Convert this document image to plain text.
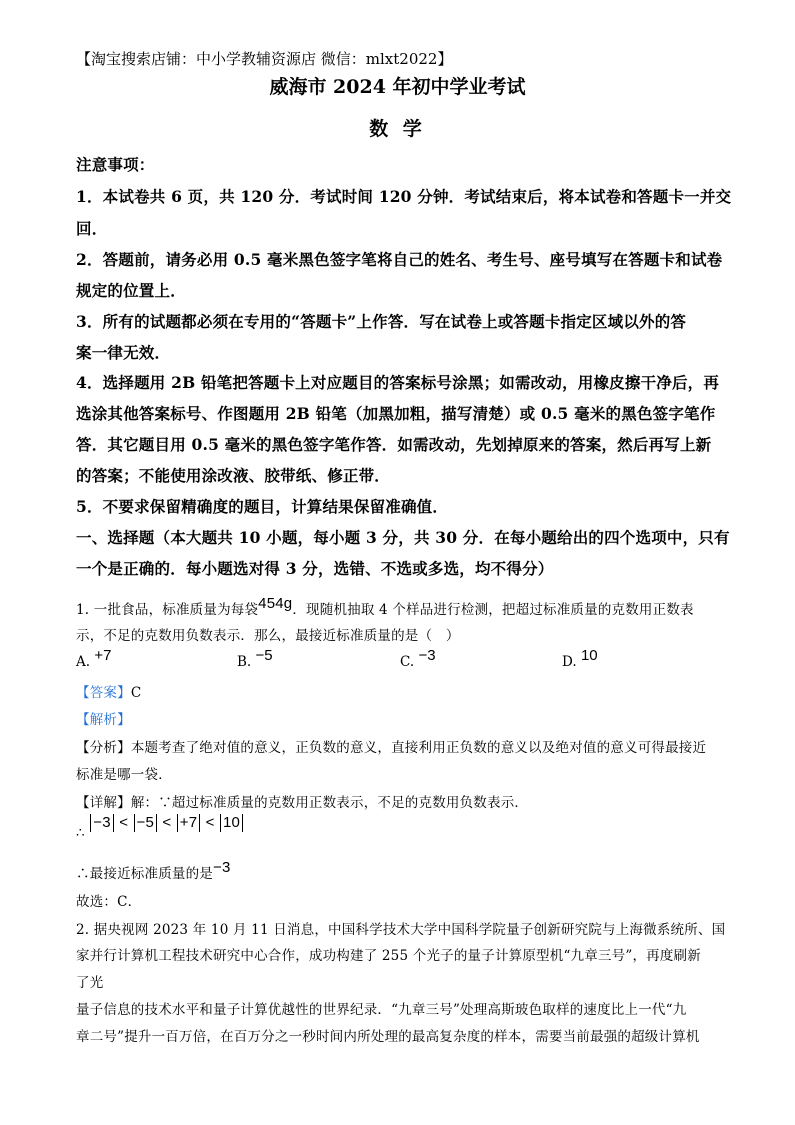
【淘宝搜索店铺：中小学教辅资源店 微信：mlxt2022】
威海市 2024 年初中学业考试
数 学
注意事项：
1．本试卷共 6 页，共 120 分．考试时间 120 分钟．考试结束后，将本试卷和答题卡一并交
回．
2．答题前，请务必用 0.5 毫米黑色签字笔将自己的姓名、考生号、座号填写在答题卡和试卷
规定的位置上．
3．所有的试题都必须在专用的“答题卡”上作答．写在试卷上或答题卡指定区域以外的答
案一律无效．
4．选择题用 2B 铅笔把答题卡上对应题目的答案标号涂黑；如需改动，用橡皮擦干净后，再
选涂其他答案标号、作图题用 2B 铅笔（加黑加粗，描写清楚）或 0.5 毫米的黑色签字笔作
答．其它题目用 0.5 毫米的黑色签字笔作答．如需改动，先划掉原来的答案，然后再写上新
的答案；不能使用涂改液、胶带纸、修正带．
5．不要求保留精确度的题目，计算结果保留准确值．
一、选择题（本大题共 10 小题，每小题 3 分，共 30 分．在每小题给出的四个选项中，只有
一个是正确的．每小题选对得 3 分，选错、不选或多选，均不得分）
1. 一批食品，标准质量为每袋454g．现随机抽取 4 个样品进行检测，把超过标准质量的克数用正数表
示，不足的克数用负数表示．那么，最接近标准质量的是（　）
A. +7	B. −5	C. −3	D. 10
【答案】C
【解析】
【分析】本题考查了绝对值的意义，正负数的意义，直接利用正负数的意义以及绝对值的意义可得最接近
标准是哪一袋．
【详解】解：∵超过标准质量的克数用正数表示，不足的克数用负数表示．
∴ −3 < −5 < +7 < 10
∴最接近标准质量的是−3
故选：C．
2. 据央视网 2023 年 10 月 11 日消息，中国科学技术大学中国科学院量子创新研究院与上海微系统所、国
家并行计算机工程技术研究中心合作，成功构建了 255 个光子的量子计算原型机“九章三号”，再度刷新
了光
量子信息的技术水平和量子计算优越性的世界纪录．“九章三号”处理高斯玻色取样的速度比上一代“九
章二号”提升一百万倍，在百万分之一秒时间内所处理的最高复杂度的样本，需要当前最强的超级计算机
